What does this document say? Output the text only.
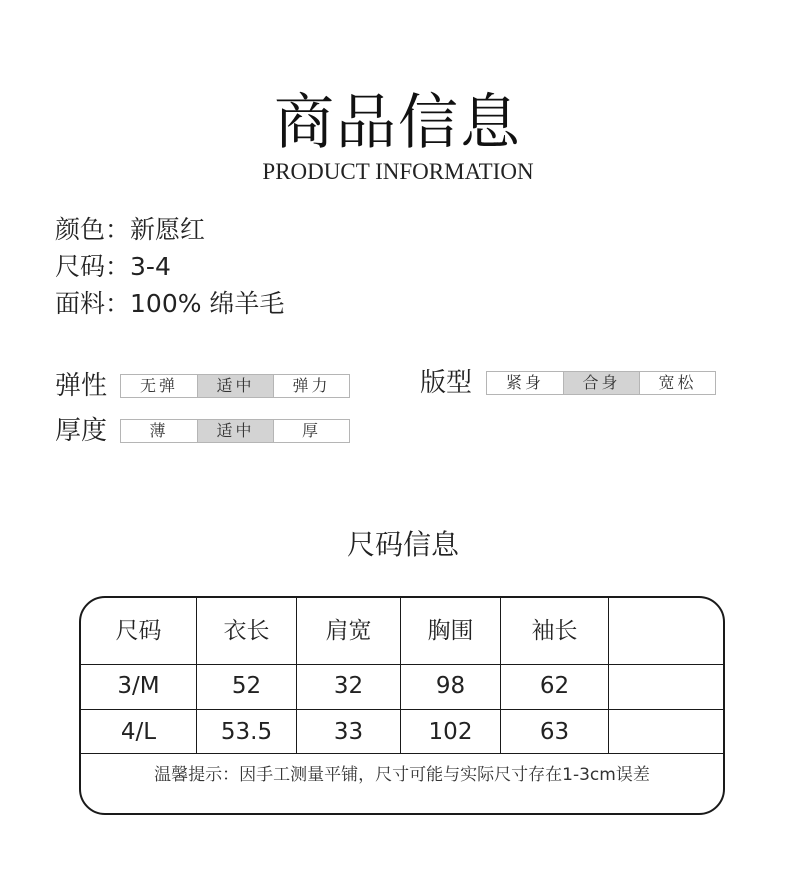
商品信息
PRODUCT INFORMATION
颜色：新愿红
尺码：3-4
面料：100% 绵羊毛
弹性	无弹	适中	弹力	版型	紧身	合身	宽松
厚度	薄	适中	厚
尺码信息
尺码	衣长	肩宽	胸围	袖长
3/M	52	32	98	62
4/L	53.5	33	102	63
温馨提示：因手工测量平铺，尺寸可能与实际尺寸存在1-3cm误差
